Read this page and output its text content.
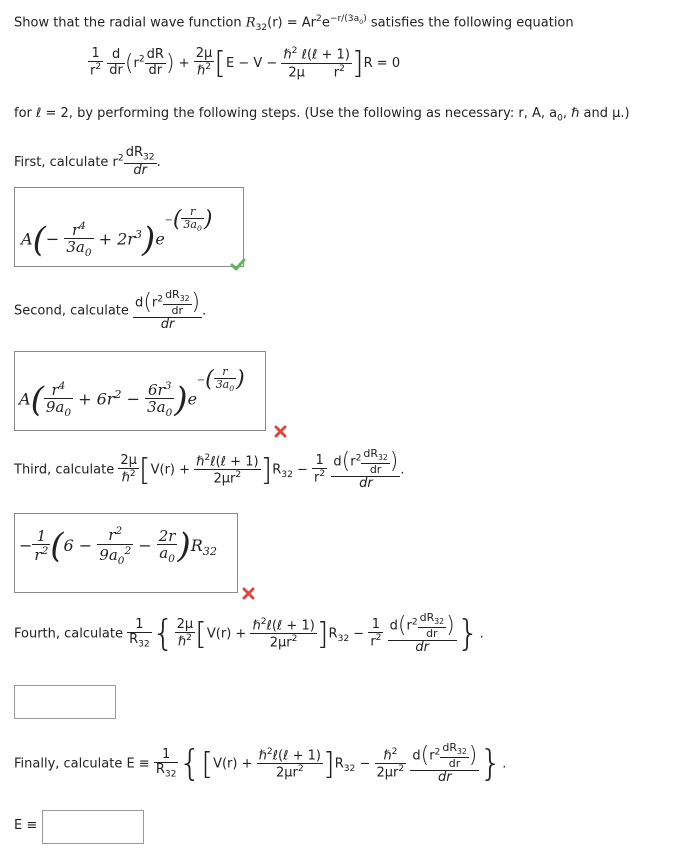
Show that the radial wave function $R_{32}(r) = Ar^2e^{-r/(3a_0)}$ satisfies the following equation
$\frac{1}{r^2}$
$\frac{d}{dr} (r^2 \frac{dR}{dr}$ ) + $\frac{2\mu}{\hbar^2} [E - V - \frac{\hbar^2 \ell(\ell + 1)}{2\mu r^2} ]R = 0$
for ℓ = 2, by performing the following steps. (Use the following as necessary: r, A, $a_0$, ℏ and μ.)
First, calculate $r^2 \frac{dR_{32}}{dr}$ .
$A(- \frac{r^4}{3a_0} + 2r^3)e^{-( \frac{r}{3a_0} )}$
Second, calculate $\frac{d(r^2 \frac{dR_{32}}{dr} )}{dr}$ .
$A( \frac{r^4}{9a_0} + 6r^2 - \frac{6r^3}{3a_0} )e^{-( \frac{r}{3a_0} )}$
Third, calculate $\frac{2\mu}{\hbar^2} [V(r) + \frac{\hbar^2\ell(\ell + 1)}{2\mu r^2} ]R_{32} - \frac{1}{r^2}$
$\frac{d(r^2 \frac{dR_{32}}{dr} )}{dr}$ .
− $\frac{1}{r^2} (6 - \frac{r^2}{9a_0^2} - \frac{2r}{a_0} )R_{32}$
Fourth, calculate $\frac{1}{R_{32}}$ { $\frac{2\mu}{\hbar^2} [V(r) + \frac{\hbar^2\ell(\ell + 1)}{2\mu r^2} ]R_{32} - \frac{1}{r^2}$
$\frac{d(r^2 \frac{dR_{32}}{dr} )}{dr}$ }.
Finally, calculate $E \equiv \frac{1}{R_{32}} \{[V(r) + \frac{\hbar^2\ell(\ell + 1)}{2\mu r^2} ]R_{32} - \frac{\hbar^2}{2\mu r^2}$
$\frac{d(r^2 \frac{dR_{32}}{dr} )}{dr}$ }.
E ≡
